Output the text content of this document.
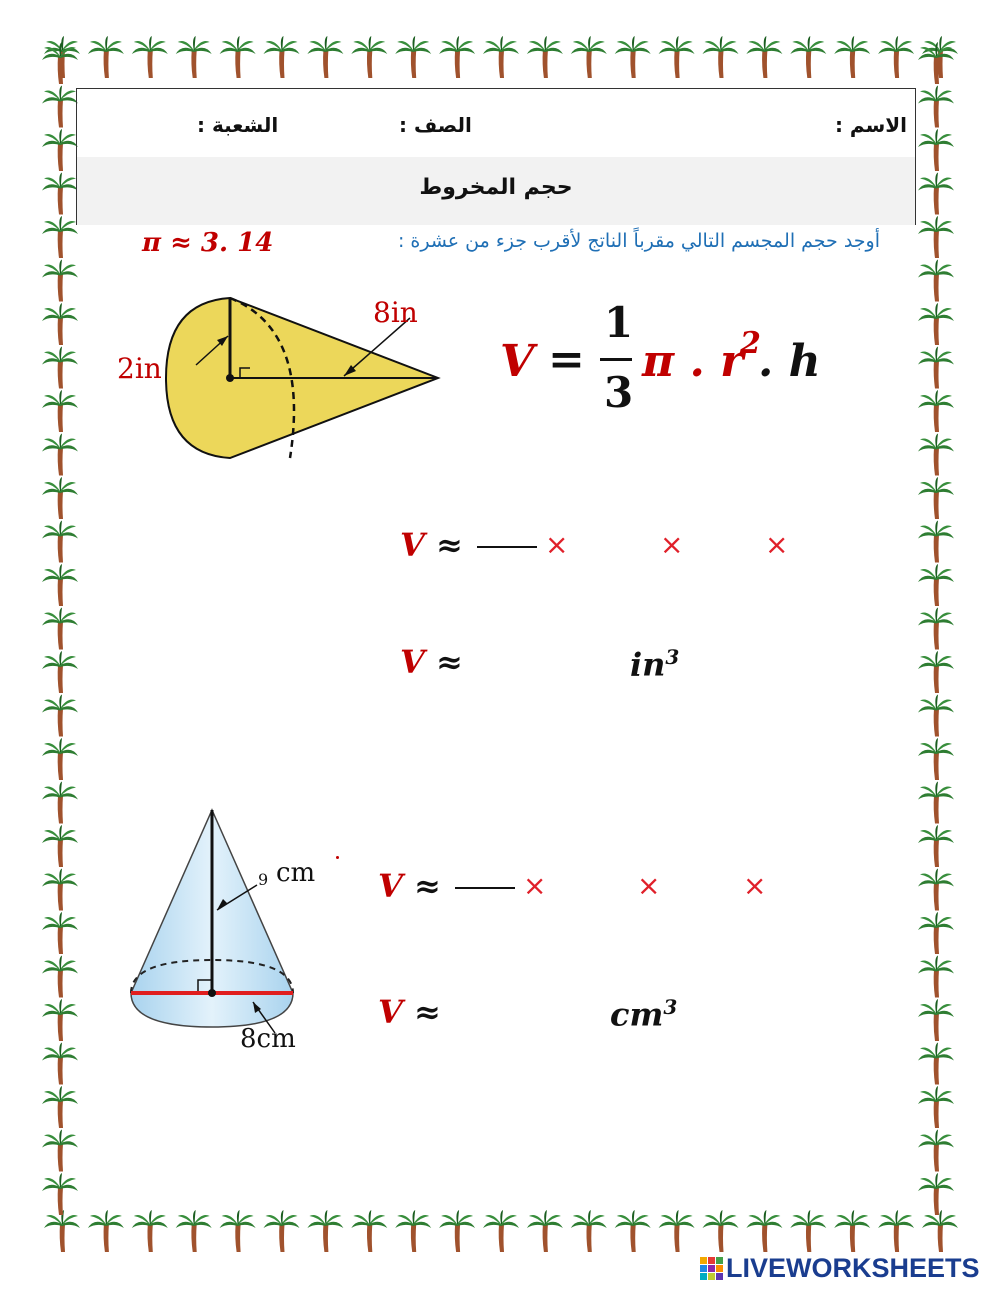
الاسم :
الصف :
الشعبة :
حجم المخروط
أوجد حجم المجسم التالي مقرباً الناتج لأقرب جزء من عشرة :
π ≈ 3. 14
8in
2in	V =
1
3
π . r
2
. h
V ≈	×	×	×
V ≈	$in^3$
9 cm
8cm
V ≈	×	×	×
V ≈	$cm^3$
LIVEWORKSHEETS
